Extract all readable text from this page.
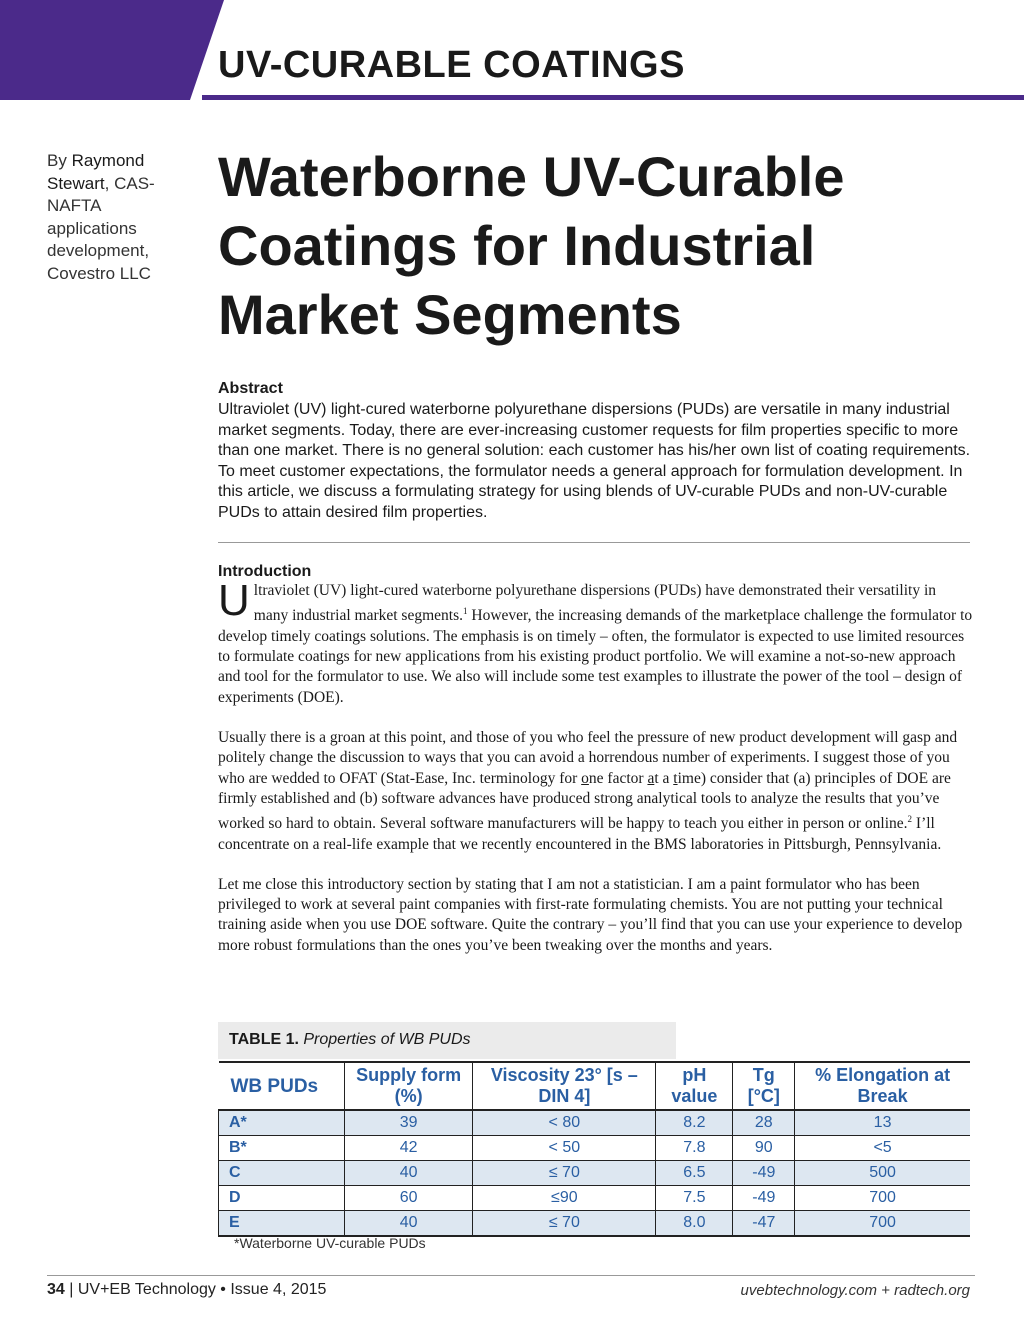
UV-CURABLE COATINGS
By Raymond Stewart, CAS-NAFTA applications development, Covestro LLC
Waterborne UV-Curable Coatings for Industrial Market Segments
Abstract

Ultraviolet (UV) light-cured waterborne polyurethane dispersions (PUDs) are versatile in many industrial market segments. Today, there are ever-increasing customer requests for film properties specific to more than one market. There is no general solution: each customer has his/her own list of coating requirements. To meet customer expectations, the formulator needs a general approach for formulation development. In this article, we discuss a formulating strategy for using blends of UV-curable PUDs and non-UV-curable PUDs to attain desired film properties.

Introduction

Ultraviolet (UV) light-cured waterborne polyurethane dispersions (PUDs) have demonstrated their versatility in many industrial market segments.$^1$ However, the increasing demands of the marketplace challenge the formulator to develop timely coatings solutions. The emphasis is on timely – often, the formulator is expected to use limited resources to formulate coatings for new applications from his existing product portfolio. We will examine a not-so-new approach and tool for the formulator to use. We also will include some test examples to illustrate the power of the tool – design of experiments (DOE).

Usually there is a groan at this point, and those of you who feel the pressure of new product development will gasp and politely change the discussion to ways that you can avoid a horrendous number of experiments. I suggest those of you who are wedded to OFAT (Stat-Ease, Inc. terminology for one factor at a time) consider that (a) principles of DOE are firmly established and (b) software advances have produced strong analytical tools to analyze the results that you’ve worked so hard to obtain. Several software manufacturers will be happy to teach you either in person or online.$^2$ I’ll concentrate on a real-life example that we recently encountered in the BMS laboratories in Pittsburgh, Pennsylvania.

Let me close this introductory section by stating that I am not a statistician. I am a paint formulator who has been privileged to work at several paint companies with first-rate formulating chemists. You are not putting your technical training aside when you use DOE software. Quite the contrary – you’ll find that you can use your experience to develop more robust formulations than the ones you’ve been tweaking over the months and years.

TABLE 1. Properties of WB PUDs
WB PUDs	Supply form (%)	Viscosity 23° [s – DIN 4]	pH value	Tg [°C]	% Elongation at Break
A*	39	< 80	8.2	28	13
B*	42	< 50	7.8	90	<5
C	40	≤ 70	6.5	-49	500
D	60	≤90	7.5	-49	700
E	40	≤ 70	8.0	-47	700
*Waterborne UV-curable PUDs
34 | UV+EB Technology • Issue 4, 2015	uvebtechnology.com + radtech.org
